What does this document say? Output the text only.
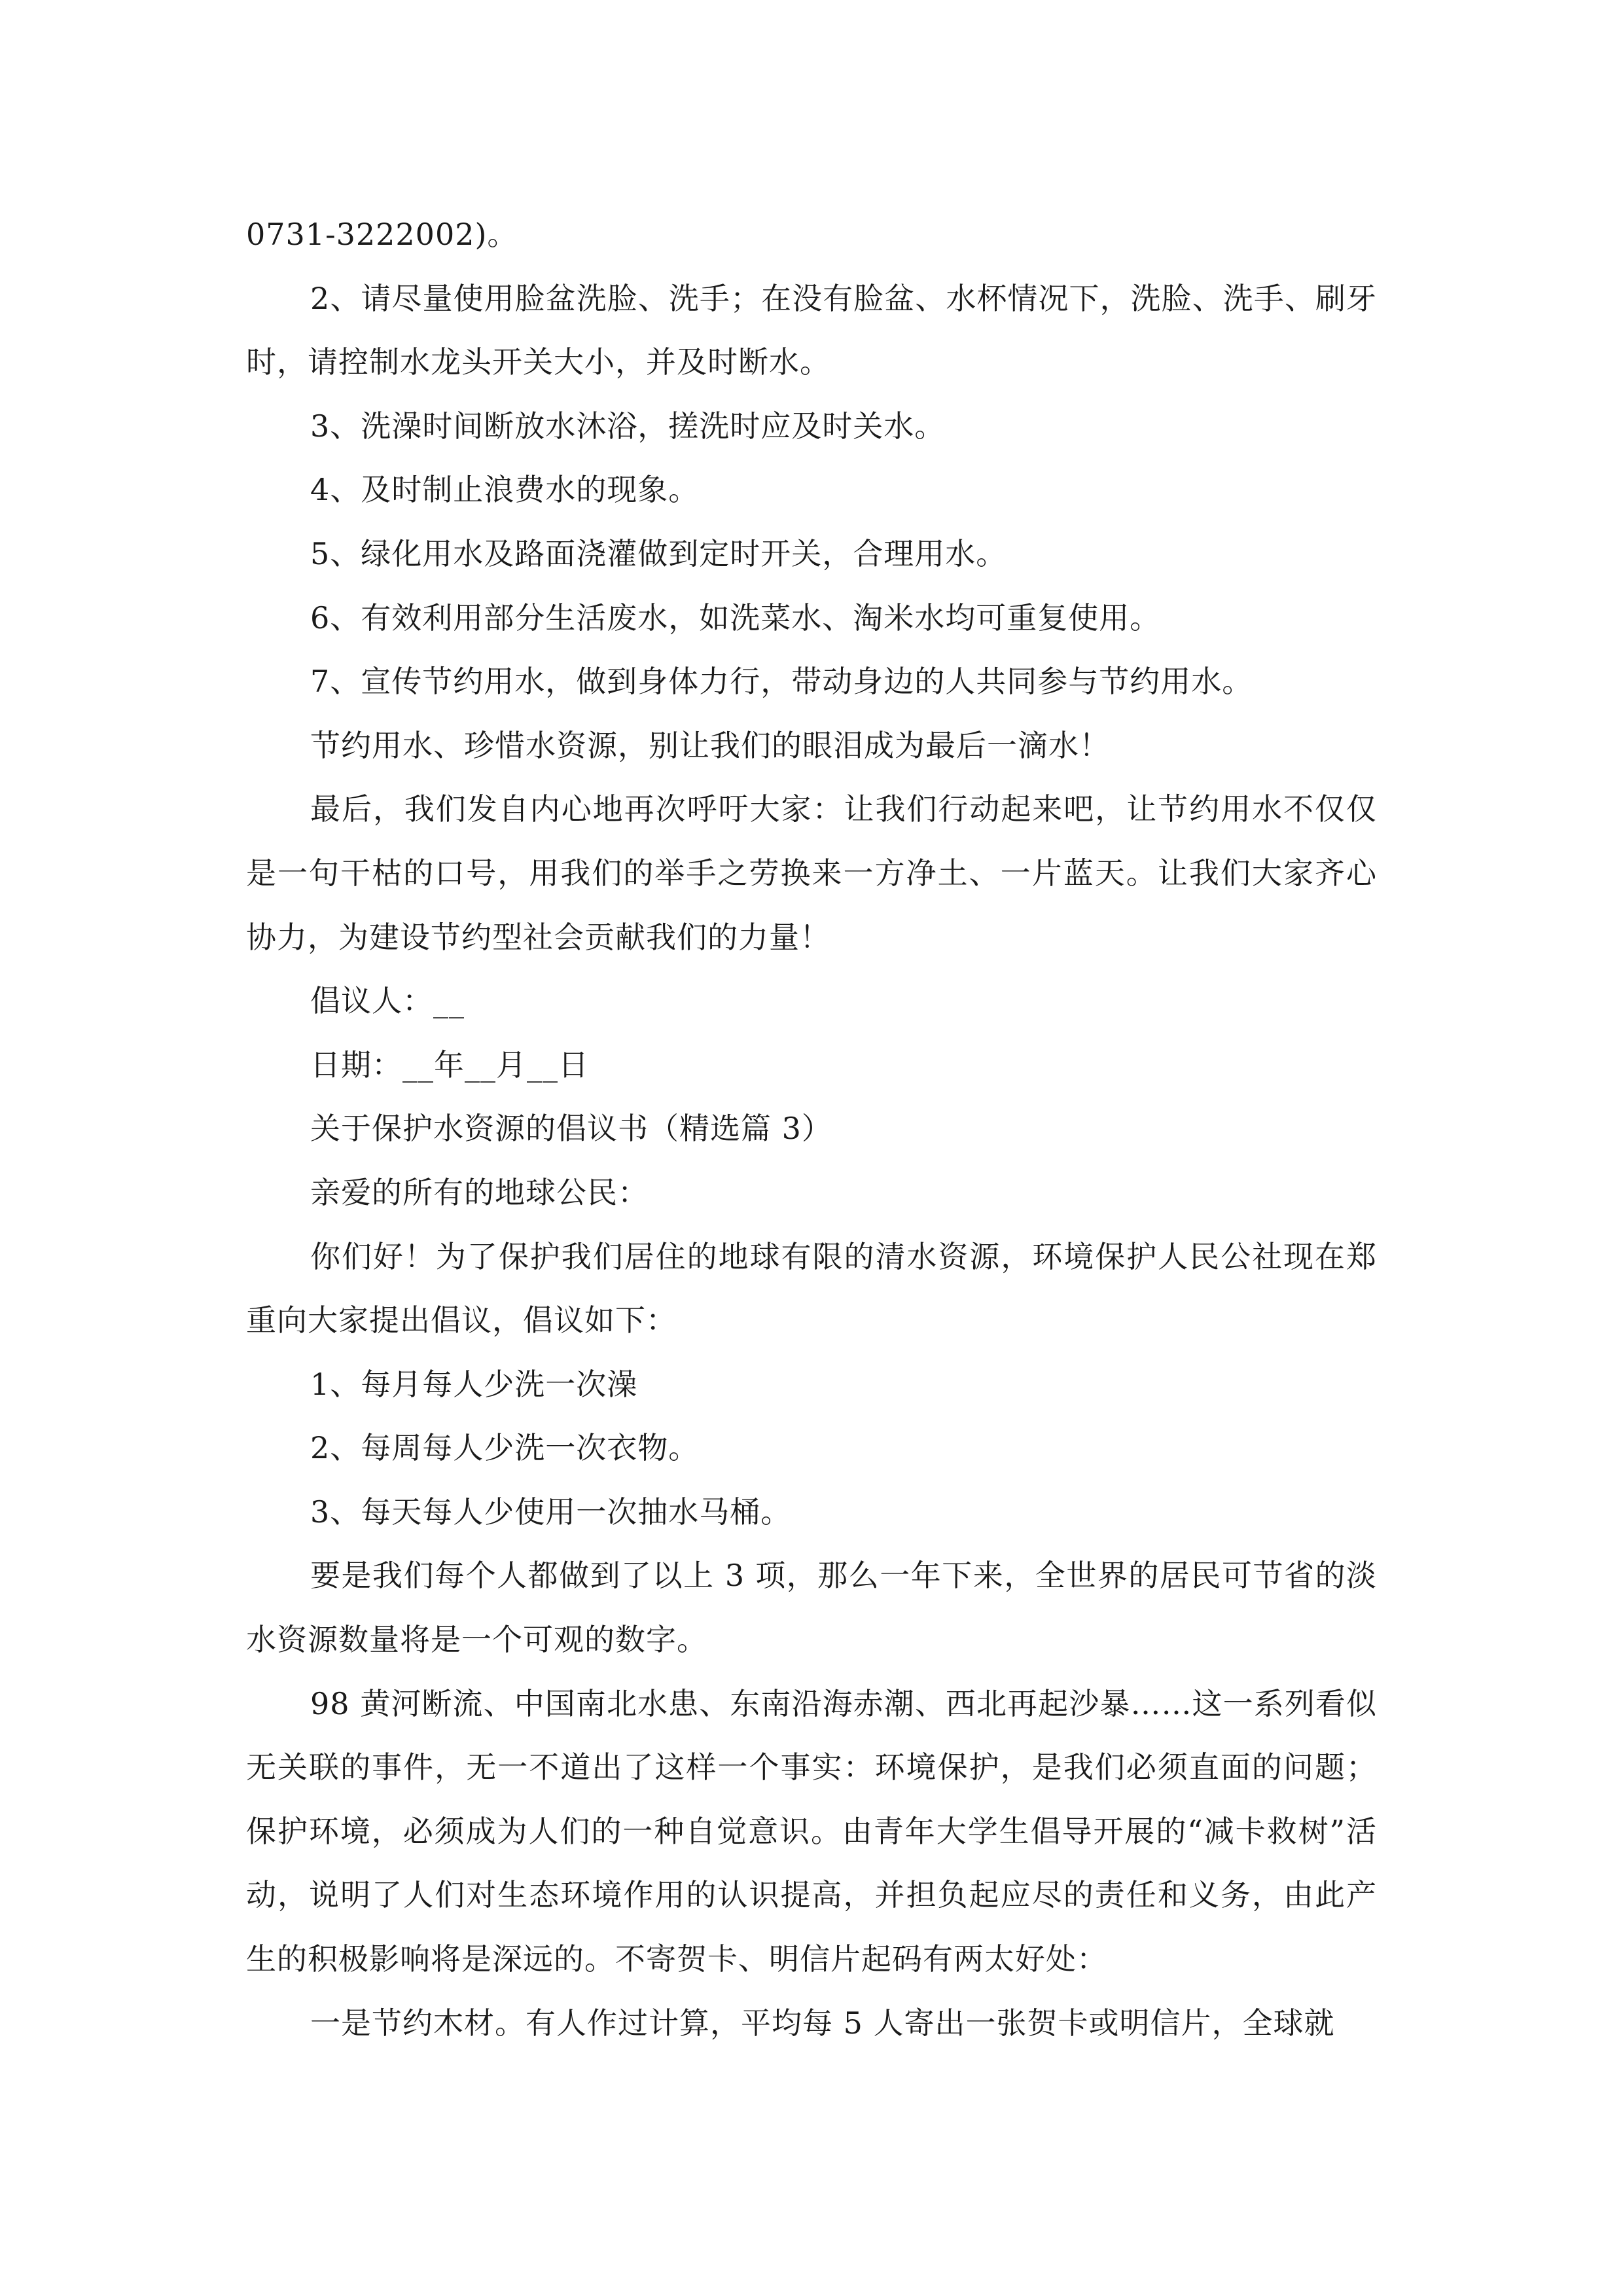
0731-3222002)。

2、请尽量使用脸盆洗脸、洗手；在没有脸盆、水杯情况下，洗脸、洗手、刷牙时，请控制水龙头开关大小，并及时断水。

3、洗澡时间断放水沐浴，搓洗时应及时关水。

4、及时制止浪费水的现象。

5、绿化用水及路面浇灌做到定时开关，合理用水。

6、有效利用部分生活废水，如洗菜水、淘米水均可重复使用。

7、宣传节约用水，做到身体力行，带动身边的人共同参与节约用水。

节约用水、珍惜水资源，别让我们的眼泪成为最后一滴水！

最后，我们发自内心地再次呼吁大家：让我们行动起来吧，让节约用水不仅仅是一句干枯的口号，用我们的举手之劳换来一方净土、一片蓝天。让我们大家齐心协力，为建设节约型社会贡献我们的力量！

倡议人：__

日期：__年__月__日

关于保护水资源的倡议书（精选篇 3）

亲爱的所有的地球公民：

你们好！为了保护我们居住的地球有限的清水资源，环境保护人民公社现在郑重向大家提出倡议，倡议如下：

1、每月每人少洗一次澡

2、每周每人少洗一次衣物。

3、每天每人少使用一次抽水马桶。

要是我们每个人都做到了以上 3 项，那么一年下来，全世界的居民可节省的淡水资源数量将是一个可观的数字。

98 黄河断流、中国南北水患、东南沿海赤潮、西北再起沙暴……这一系列看似无关联的事件，无一不道出了这样一个事实：环境保护，是我们必须直面的问题；保护环境，必须成为人们的一种自觉意识。由青年大学生倡导开展的“减卡救树”活动，说明了人们对生态环境作用的认识提高，并担负起应尽的责任和义务，由此产生的积极影响将是深远的。不寄贺卡、明信片起码有两太好处：

一是节约木材。有人作过计算，平均每 5 人寄出一张贺卡或明信片，全球就
